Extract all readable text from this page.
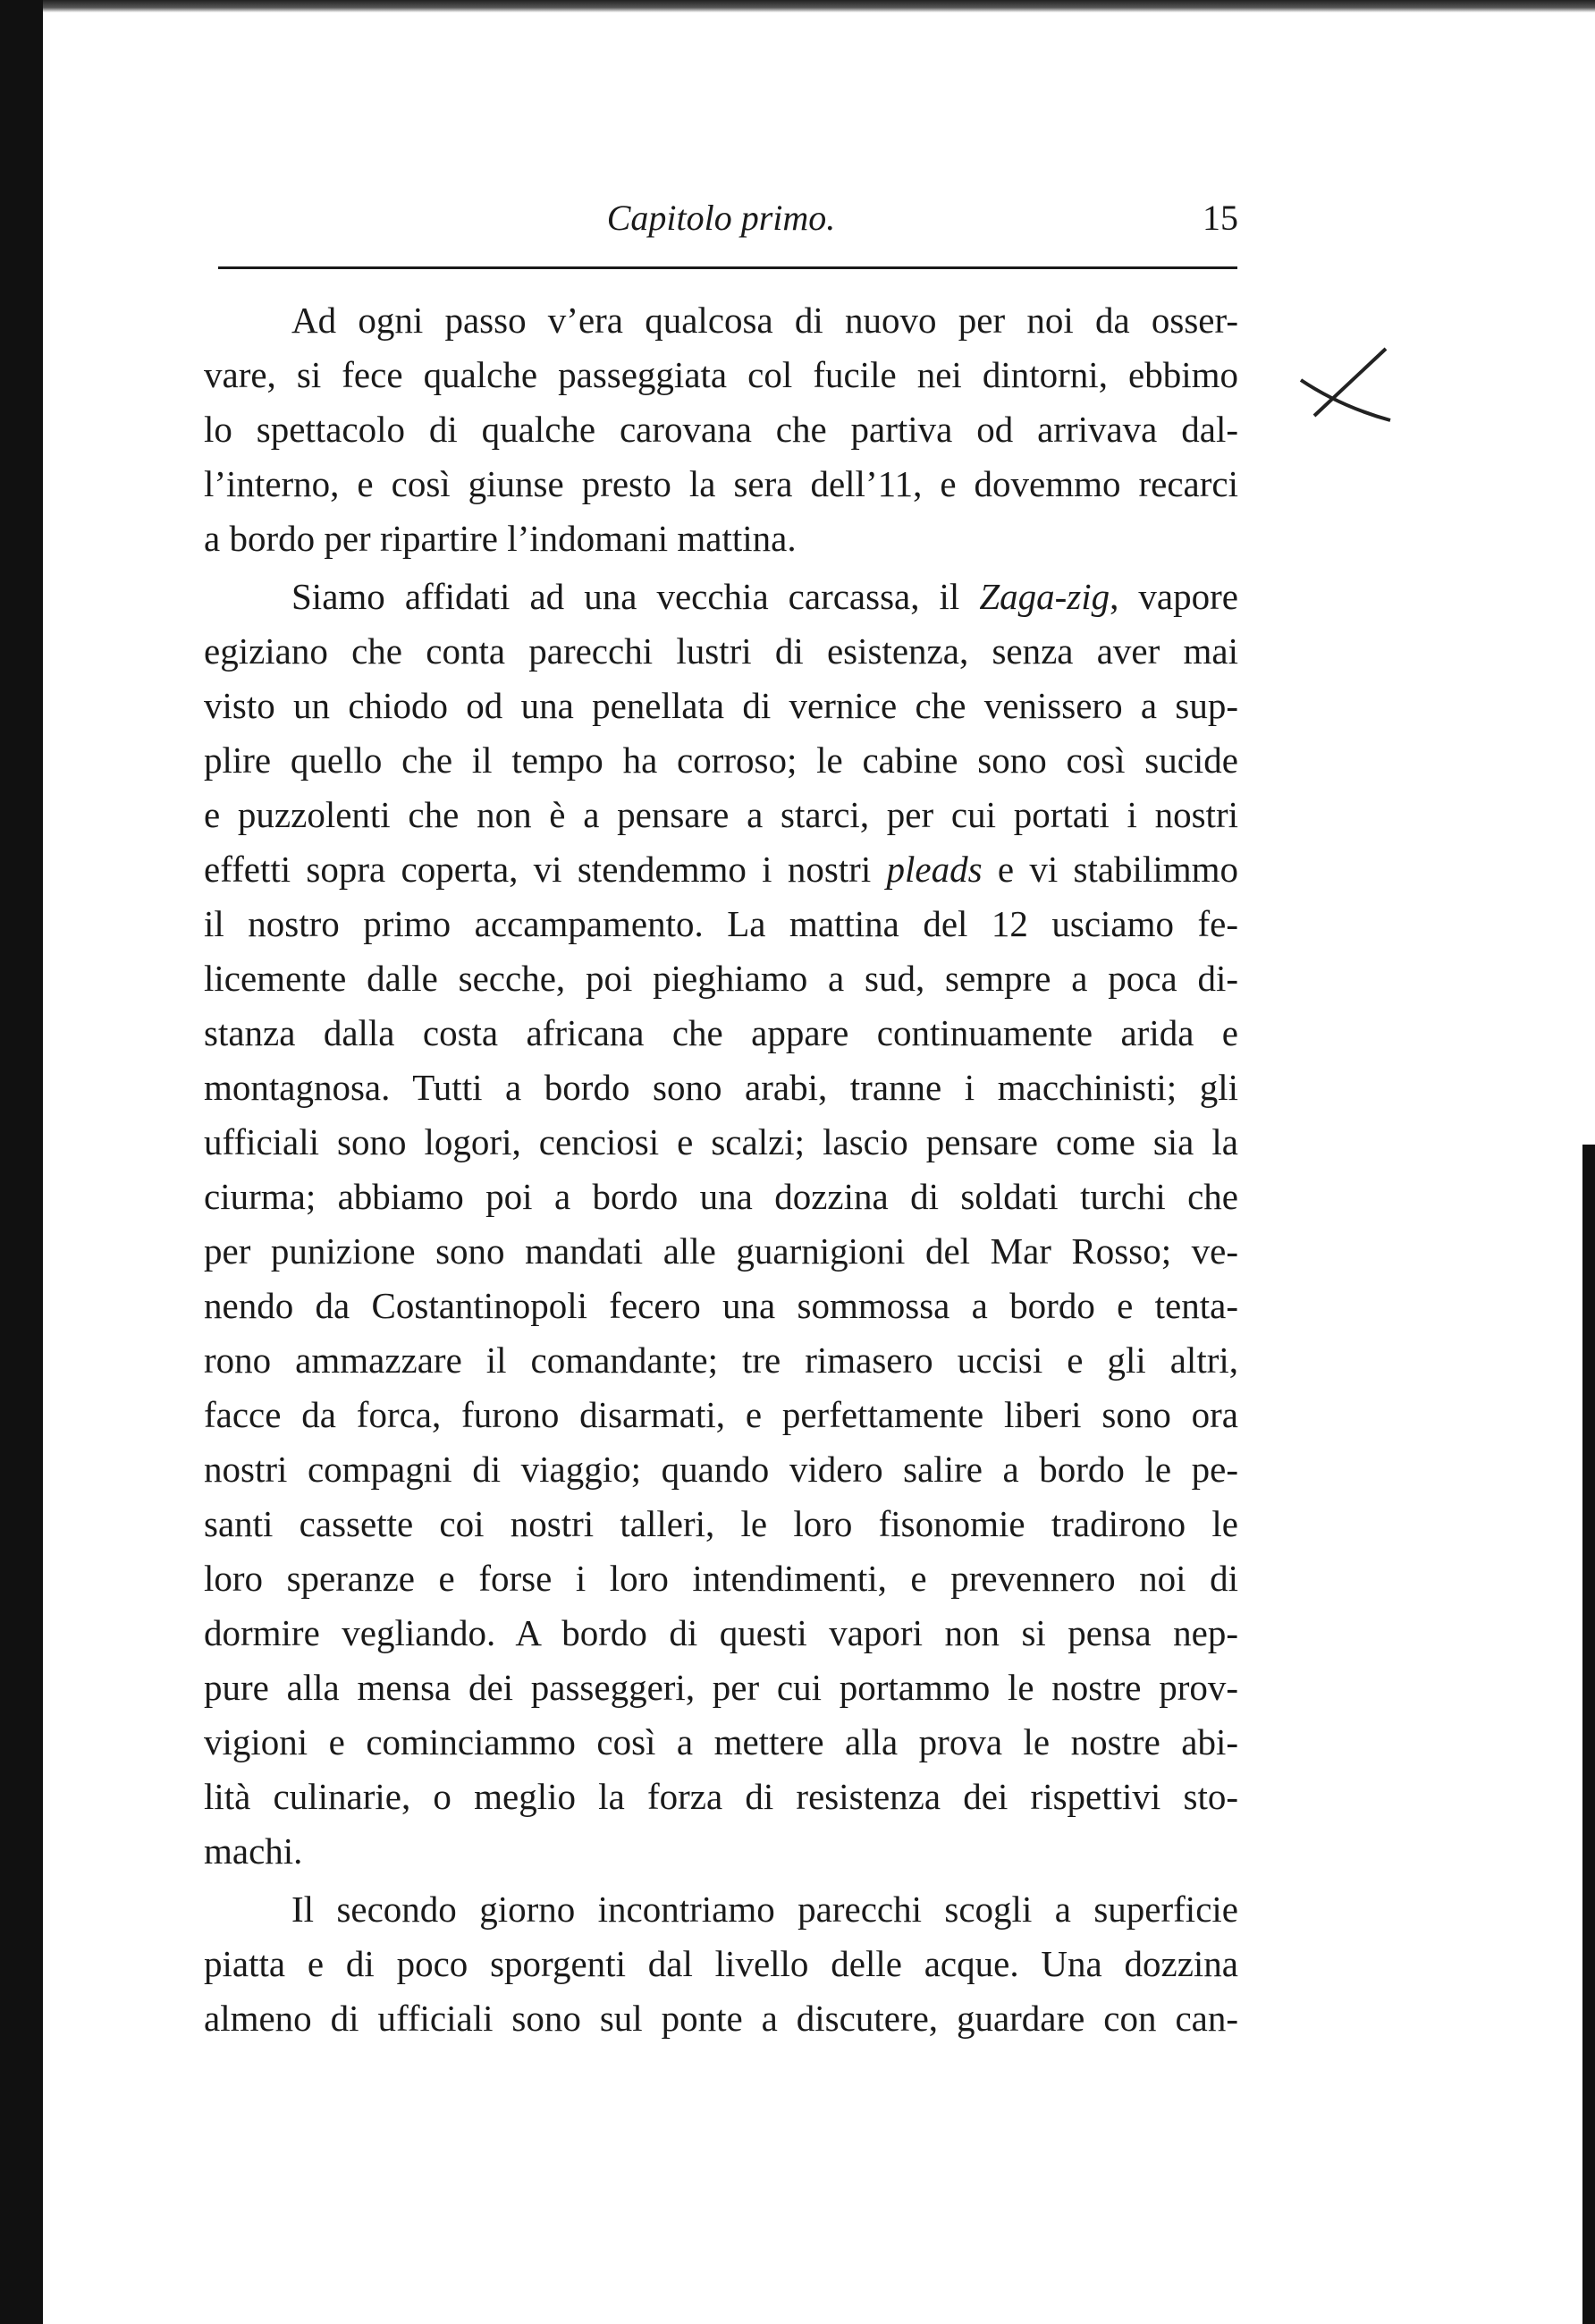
Capitolo primo.	15
Ad ogni passo v’era qualcosa di nuovo per noi da osser-
vare, si fece qualche passeggiata col fucile nei dintorni, ebbimo
lo spettacolo di qualche carovana che partiva od arrivava dal-
l’interno, e così giunse presto la sera dell’11, e dovemmo recarci
a bordo per ripartire l’indomani mattina.
Siamo affidati ad una vecchia carcassa, il Zaga-zig, vapore
egiziano che conta parecchi lustri di esistenza, senza aver mai
visto un chiodo od una penellata di vernice che venissero a sup-
plire quello che il tempo ha corroso; le cabine sono così sucide
e puzzolenti che non è a pensare a starci, per cui portati i nostri
effetti sopra coperta, vi stendemmo i nostri pleads e vi stabilimmo
il nostro primo accampamento. La mattina del 12 usciamo fe-
licemente dalle secche, poi pieghiamo a sud, sempre a poca di-
stanza dalla costa africana che appare continuamente arida e
montagnosa. Tutti a bordo sono arabi, tranne i macchinisti; gli
ufficiali sono logori, cenciosi e scalzi; lascio pensare come sia la
ciurma; abbiamo poi a bordo una dozzina di soldati turchi che
per punizione sono mandati alle guarnigioni del Mar Rosso; ve-
nendo da Costantinopoli fecero una sommossa a bordo e tenta-
rono ammazzare il comandante; tre rimasero uccisi e gli altri,
facce da forca, furono disarmati, e perfettamente liberi sono ora
nostri compagni di viaggio; quando videro salire a bordo le pe-
santi cassette coi nostri talleri, le loro fisonomie tradirono le
loro speranze e forse i loro intendimenti, e prevennero noi di
dormire vegliando. A bordo di questi vapori non si pensa nep-
pure alla mensa dei passeggeri, per cui portammo le nostre prov-
vigioni e cominciammo così a mettere alla prova le nostre abi-
lità culinarie, o meglio la forza di resistenza dei rispettivi sto-
machi.
Il secondo giorno incontriamo parecchi scogli a superficie
piatta e di poco sporgenti dal livello delle acque. Una dozzina
almeno di ufficiali sono sul ponte a discutere, guardare con can-
